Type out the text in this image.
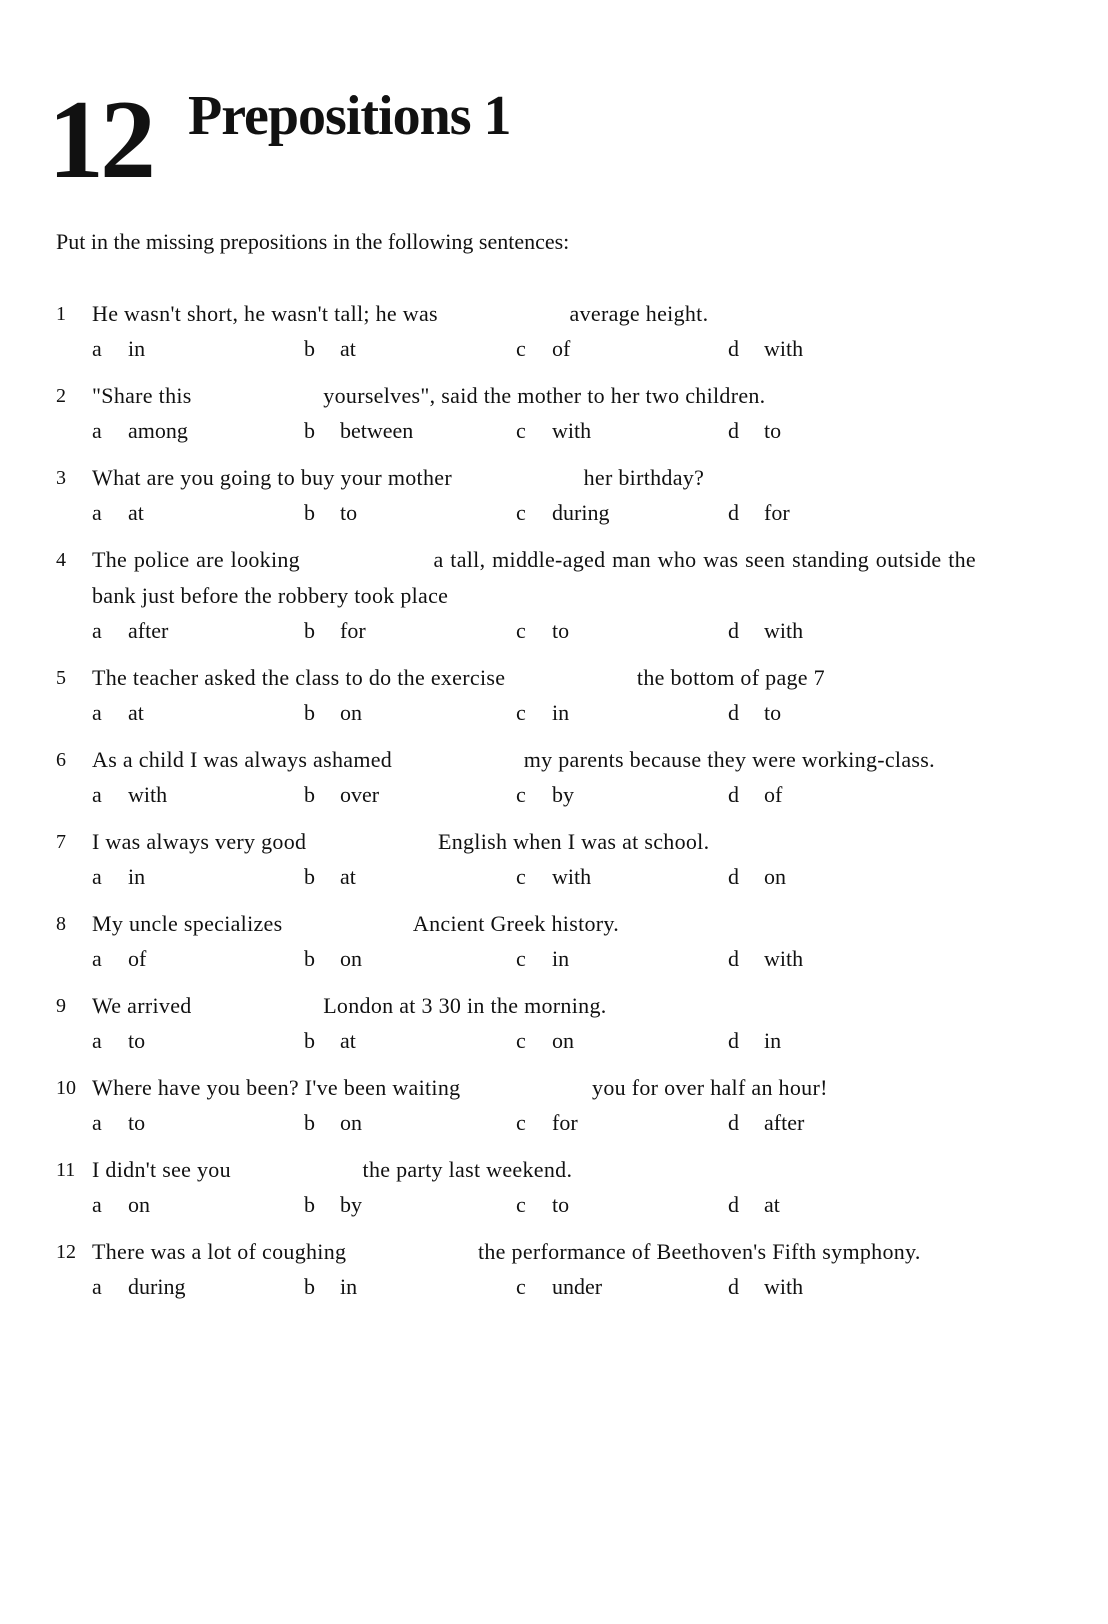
12 Prepositions 1
Put in the missing prepositions in the following sentences:
1	He wasn't short, he wasn't tall; he was	average height.
a	in	b	at	c	of	d	with
2	"Share this	yourselves", said the mother to her two children.
a	among	b	between	c	with	d	to
3	What are you going to buy your mother	her birthday?
a	at	b	to	c	during	d	for
4	The police are looking	a tall, middle-aged man who was seen standing outside the bank just before the robbery took place
a	after	b	for	c	to	d	with
5	The teacher asked the class to do the exercise	the bottom of page 7
a	at	b	on	c	in	d	to
6	As a child I was always ashamed	my parents because they were working-class.
a	with	b	over	c	by	d	of
7	I was always very good	English when I was at school.
a	in	b	at	c	with	d	on
8	My uncle specializes	Ancient Greek history.
a	of	b	on	c	in	d	with
9	We arrived	London at 3 30 in the morning.
a	to	b	at	c	on	d	in
10 Where have you been? I've been waiting	you for over half an hour!
a	to	b	on	c	for	d	after
11 I didn't see you	the party last weekend.
a	on	b	by	c	to	d	at
12 There was a lot of coughing	the performance of Beethoven's Fifth symphony.
a	during	b	in	c	under	d	with
